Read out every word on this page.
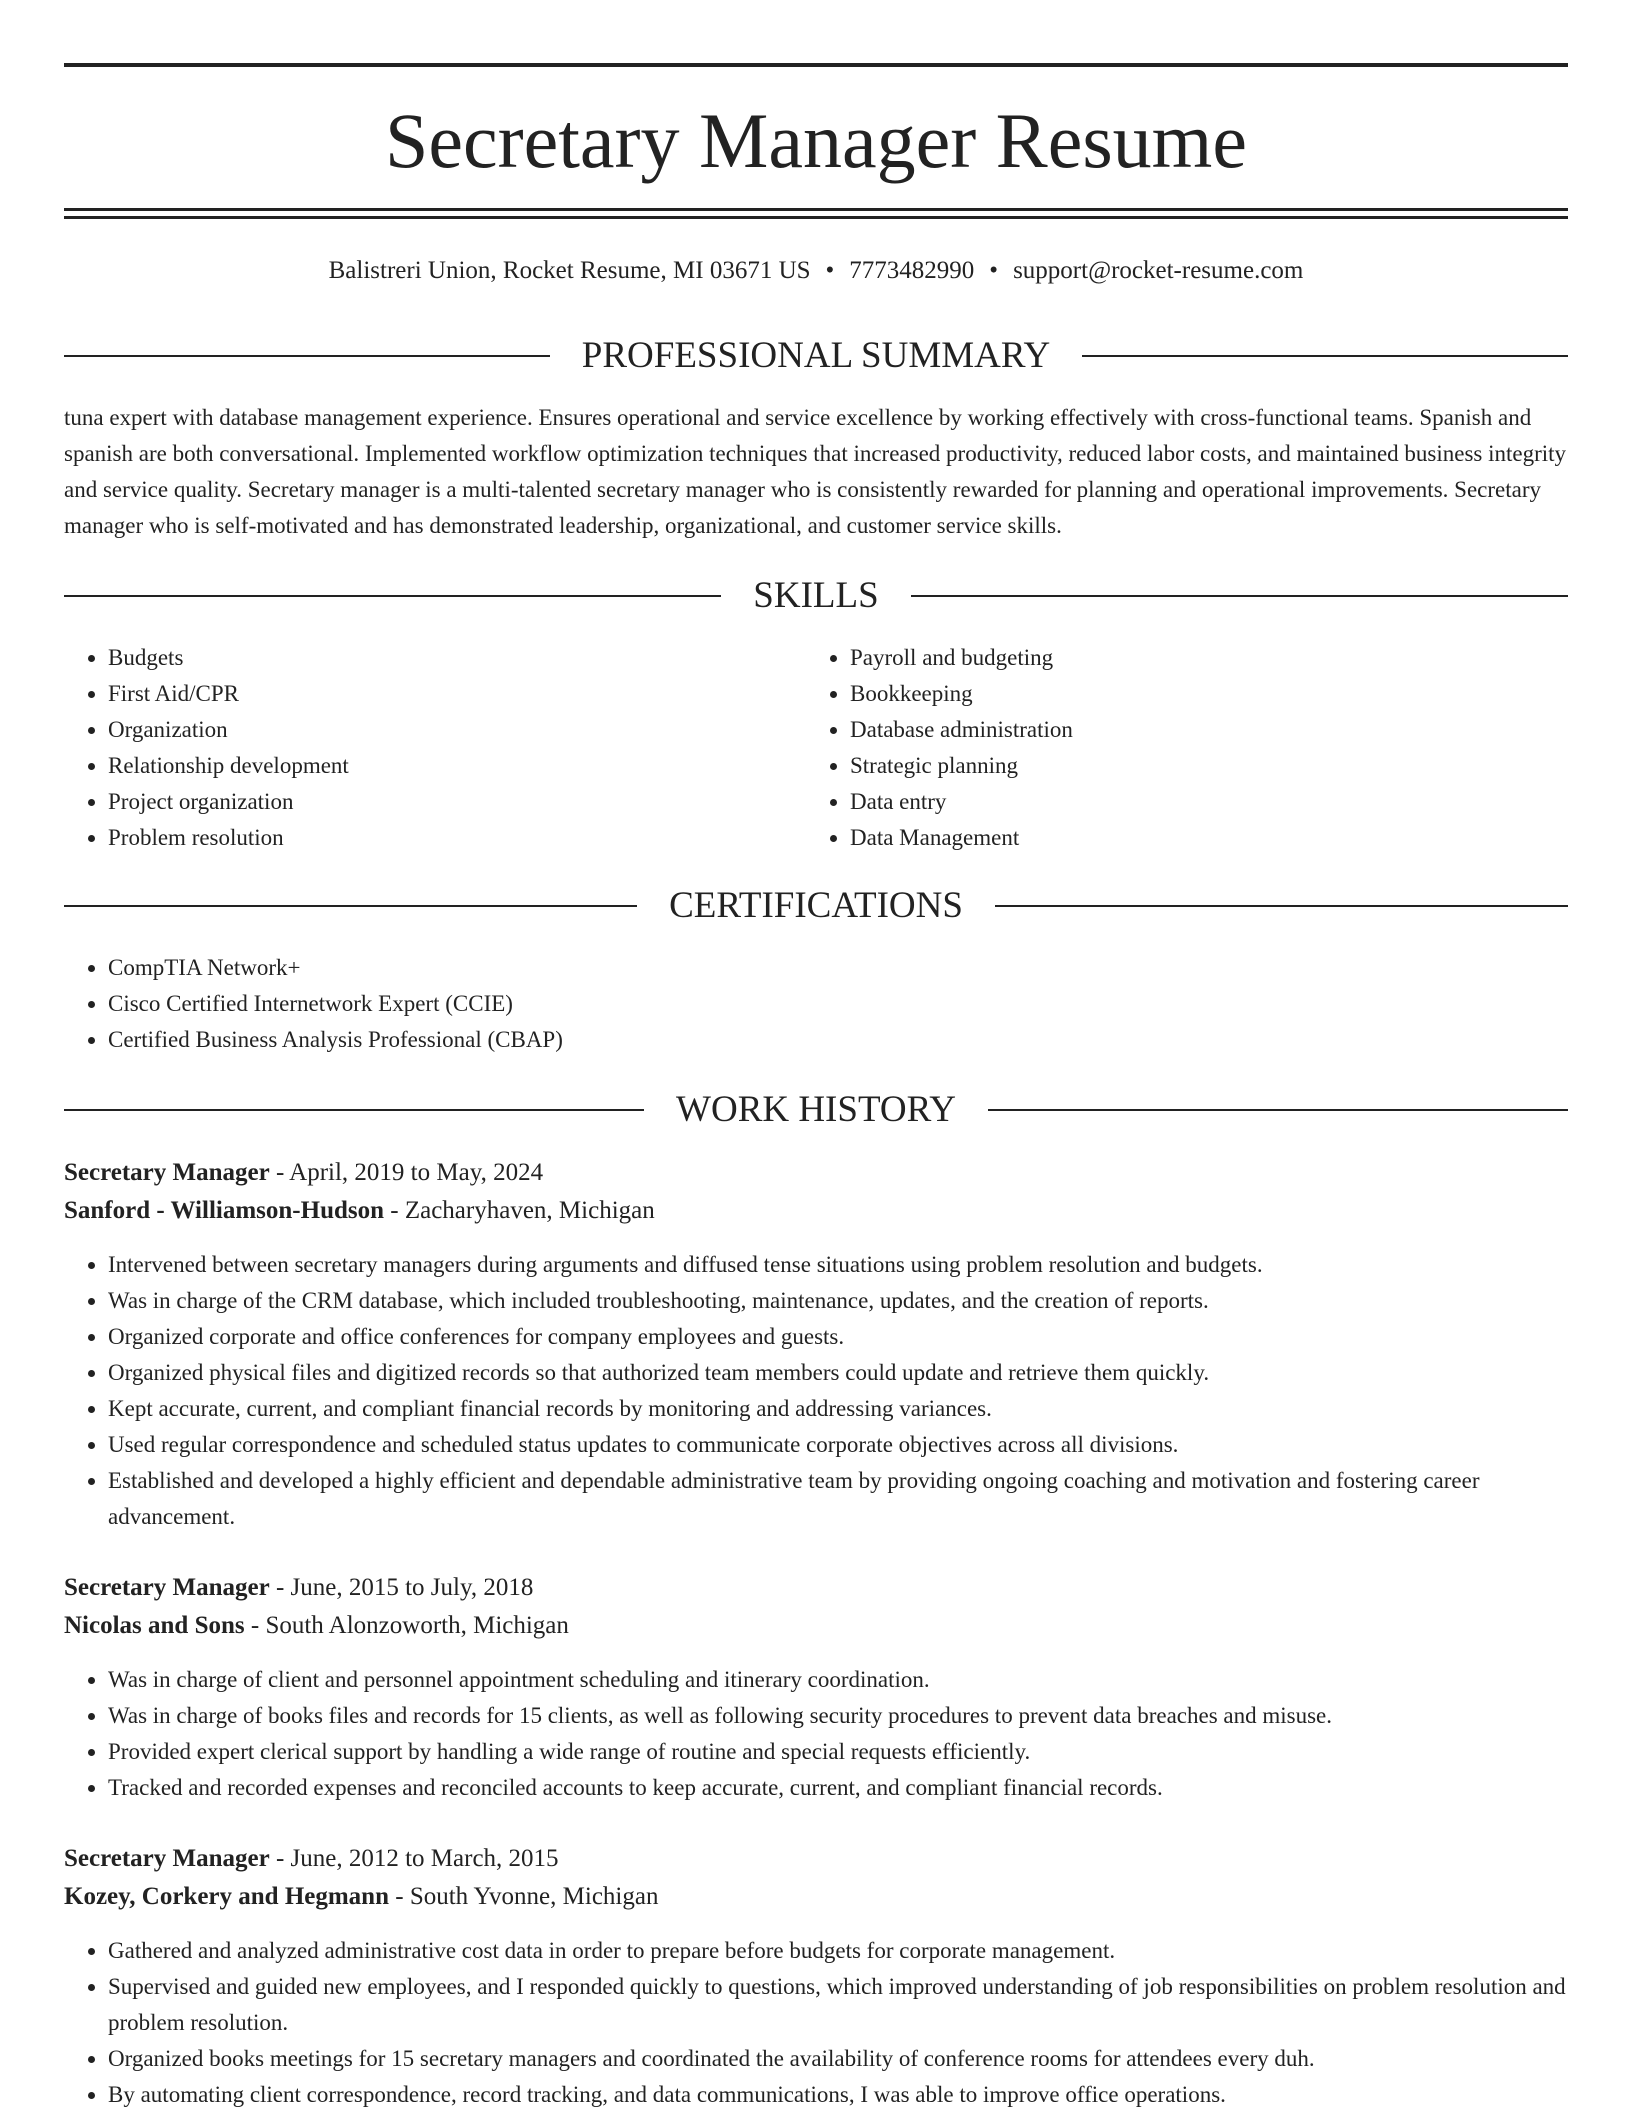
Secretary Manager Resume
Balistreri Union, Rocket Resume, MI 03671 US • 7773482990 • support@rocket-resume.com
PROFESSIONAL SUMMARY

tuna expert with database management experience. Ensures operational and service excellence by working effectively with cross-functional teams. Spanish and spanish are both conversational. Implemented workflow optimization techniques that increased productivity, reduced labor costs, and maintained business integrity and service quality. Secretary manager is a multi-talented secretary manager who is consistently rewarded for planning and operational improvements. Secretary manager who is self-motivated and has demonstrated leadership, organizational, and customer service skills.

SKILLS
• Budgets
• First Aid/CPR
• Organization
• Relationship development
• Project organization
• Problem resolution
• Payroll and budgeting
• Bookkeeping
• Database administration
• Strategic planning
• Data entry
• Data Management
CERTIFICATIONS
• CompTIA Network+
• Cisco Certified Internetwork Expert (CCIE)
• Certified Business Analysis Professional (CBAP)
WORK HISTORY
Secretary Manager - April, 2019 to May, 2024
Sanford - Williamson-Hudson - Zacharyhaven, Michigan
• Intervened between secretary managers during arguments and diffused tense situations using problem resolution and budgets.
• Was in charge of the CRM database, which included troubleshooting, maintenance, updates, and the creation of reports.
• Organized corporate and office conferences for company employees and guests.
• Organized physical files and digitized records so that authorized team members could update and retrieve them quickly.
• Kept accurate, current, and compliant financial records by monitoring and addressing variances.
• Used regular correspondence and scheduled status updates to communicate corporate objectives across all divisions.
• Established and developed a highly efficient and dependable administrative team by providing ongoing coaching and motivation and fostering career advancement.
Secretary Manager - June, 2015 to July, 2018
Nicolas and Sons - South Alonzoworth, Michigan
• Was in charge of client and personnel appointment scheduling and itinerary coordination.
• Was in charge of books files and records for 15 clients, as well as following security procedures to prevent data breaches and misuse.
• Provided expert clerical support by handling a wide range of routine and special requests efficiently.
• Tracked and recorded expenses and reconciled accounts to keep accurate, current, and compliant financial records.
Secretary Manager - June, 2012 to March, 2015
Kozey, Corkery and Hegmann - South Yvonne, Michigan
• Gathered and analyzed administrative cost data in order to prepare before budgets for corporate management.
• Supervised and guided new employees, and I responded quickly to questions, which improved understanding of job responsibilities on problem resolution and problem resolution.
• Organized books meetings for 15 secretary managers and coordinated the availability of conference rooms for attendees every duh.
• By automating client correspondence, record tracking, and data communications, I was able to improve office operations.
